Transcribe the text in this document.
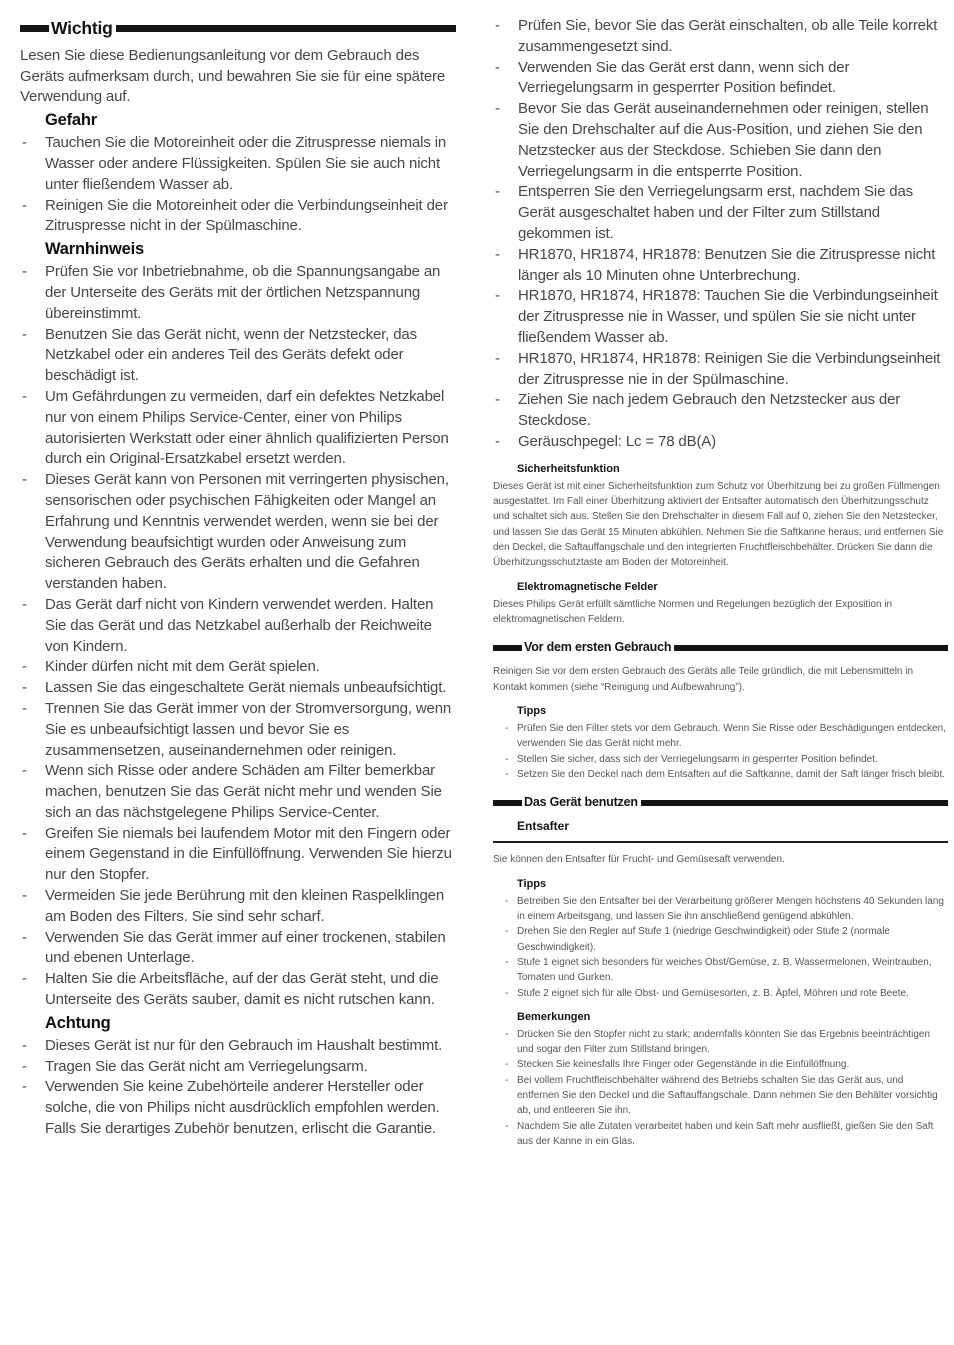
Wichtig

Lesen Sie diese Bedienungsanleitung vor dem Gebrauch des Geräts aufmerksam durch, und bewahren Sie sie für eine spätere Verwendung auf.

Gefahr
- Tauchen Sie die Motoreinheit oder die Zitruspresse niemals in Wasser oder andere Flüssigkeiten. Spülen Sie sie auch nicht unter fließendem Wasser ab.
- Reinigen Sie die Motoreinheit oder die Verbindungseinheit der Zitruspresse nicht in der Spülmaschine.
Warnhinweis
- Prüfen Sie vor Inbetriebnahme, ob die Spannungsangabe an der Unterseite des Geräts mit der örtlichen Netzspannung übereinstimmt.
- Benutzen Sie das Gerät nicht, wenn der Netzstecker, das Netzkabel oder ein anderes Teil des Geräts defekt oder beschädigt ist.
- Um Gefährdungen zu vermeiden, darf ein defektes Netzkabel nur von einem Philips Service-Center, einer von Philips autorisierten Werkstatt oder einer ähnlich qualifizierten Person durch ein Original-Ersatzkabel ersetzt werden.
- Dieses Gerät kann von Personen mit verringerten physischen, sensorischen oder psychischen Fähigkeiten oder Mangel an Erfahrung und Kenntnis verwendet werden, wenn sie bei der Verwendung beaufsichtigt wurden oder Anweisung zum sicheren Gebrauch des Geräts erhalten und die Gefahren verstanden haben.
- Das Gerät darf nicht von Kindern verwendet werden. Halten Sie das Gerät und das Netzkabel außerhalb der Reichweite von Kindern.
- Kinder dürfen nicht mit dem Gerät spielen.
- Lassen Sie das eingeschaltete Gerät niemals unbeaufsichtigt.
- Trennen Sie das Gerät immer von der Stromversorgung, wenn Sie es unbeaufsichtigt lassen und bevor Sie es zusammensetzen, auseinandernehmen oder reinigen.
- Wenn sich Risse oder andere Schäden am Filter bemerkbar machen, benutzen Sie das Gerät nicht mehr und wenden Sie sich an das nächstgelegene Philips Service-Center.
- Greifen Sie niemals bei laufendem Motor mit den Fingern oder einem Gegenstand in die Einfüllöffnung. Verwenden Sie hierzu nur den Stopfer.
- Vermeiden Sie jede Berührung mit den kleinen Raspelklingen am Boden des Filters. Sie sind sehr scharf.
- Verwenden Sie das Gerät immer auf einer trockenen, stabilen und ebenen Unterlage.
- Halten Sie die Arbeitsfläche, auf der das Gerät steht, und die Unterseite des Geräts sauber, damit es nicht rutschen kann.
Achtung
- Dieses Gerät ist nur für den Gebrauch im Haushalt bestimmt.
- Tragen Sie das Gerät nicht am Verriegelungsarm.
- Verwenden Sie keine Zubehörteile anderer Hersteller oder solche, die von Philips nicht ausdrücklich empfohlen werden. Falls Sie derartiges Zubehör benutzen, erlischt die Garantie.
- Prüfen Sie, bevor Sie das Gerät einschalten, ob alle Teile korrekt zusammengesetzt sind.
- Verwenden Sie das Gerät erst dann, wenn sich der Verriegelungsarm in gesperrter Position befindet.
- Bevor Sie das Gerät auseinandernehmen oder reinigen, stellen Sie den Drehschalter auf die Aus-Position, und ziehen Sie den Netzstecker aus der Steckdose. Schieben Sie dann den Verriegelungsarm in die entsperrte Position.
- Entsperren Sie den Verriegelungsarm erst, nachdem Sie das Gerät ausgeschaltet haben und der Filter zum Stillstand gekommen ist.
- HR1870, HR1874, HR1878: Benutzen Sie die Zitruspresse nicht länger als 10 Minuten ohne Unterbrechung.
- HR1870, HR1874, HR1878: Tauchen Sie die Verbindungseinheit der Zitruspresse nie in Wasser, und spülen Sie sie nicht unter fließendem Wasser ab.
- HR1870, HR1874, HR1878: Reinigen Sie die Verbindungseinheit der Zitruspresse nie in der Spülmaschine.
- Ziehen Sie nach jedem Gebrauch den Netzstecker aus der Steckdose.
- Geräuschpegel: Lc = 78 dB(A)
Sicherheitsfunktion

Dieses Gerät ist mit einer Sicherheitsfunktion zum Schutz vor Überhitzung bei zu großen Füllmengen ausgestattet. Im Fall einer Überhitzung aktiviert der Entsafter automatisch den Überhitzungsschutz und schaltet sich aus. Stellen Sie den Drehschalter in diesem Fall auf 0, ziehen Sie den Netzstecker, und lassen Sie das Gerät 15 Minuten abkühlen. Nehmen Sie die Saftkanne heraus, und entfernen Sie den Deckel, die Saftauffangschale und den integrierten Fruchtfleischbehälter. Drücken Sie dann die Überhitzungsschutztaste am Boden der Motoreinheit.

Elektromagnetische Felder

Dieses Philips Gerät erfüllt sämtliche Normen und Regelungen bezüglich der Exposition in elektromagnetischen Feldern.

Vor dem ersten Gebrauch

Reinigen Sie vor dem ersten Gebrauch des Geräts alle Teile gründlich, die mit Lebensmitteln in Kontakt kommen (siehe “Reinigung und Aufbewahrung”).

Tipps
- Prüfen Sie den Filter stets vor dem Gebrauch. Wenn Sie Risse oder Beschädigungen entdecken, verwenden Sie das Gerät nicht mehr.
- Stellen Sie sicher, dass sich der Verriegelungsarm in gesperrter Position befindet.
- Setzen Sie den Deckel nach dem Entsaften auf die Saftkanne, damit der Saft länger frisch bleibt.
Das Gerät benutzen
Entsafter

Sie können den Entsafter für Frucht- und Gemüsesaft verwenden.

Tipps
- Betreiben Sie den Entsafter bei der Verarbeitung größerer Mengen höchstens 40 Sekunden lang in einem Arbeitsgang, und lassen Sie ihn anschließend genügend abkühlen.
- Drehen Sie den Regler auf Stufe 1 (niedrige Geschwindigkeit) oder Stufe 2 (normale Geschwindigkeit).
- Stufe 1 eignet sich besonders für weiches Obst/Gemüse, z. B. Wassermelonen, Weintrauben, Tomaten und Gurken.
- Stufe 2 eignet sich für alle Obst- und Gemüsesorten, z. B. Äpfel, Möhren und rote Beete.
Bemerkungen
- Drücken Sie den Stopfer nicht zu stark; andernfalls könnten Sie das Ergebnis beeinträchtigen und sogar den Filter zum Stillstand bringen.
- Stecken Sie keinesfalls Ihre Finger oder Gegenstände in die Einfüllöffnung.
- Bei vollem Fruchtfleischbehälter während des Betriebs schalten Sie das Gerät aus, und entfernen Sie den Deckel und die Saftauffangschale. Dann nehmen Sie den Behälter vorsichtig ab, und entleeren Sie ihn.
- Nachdem Sie alle Zutaten verarbeitet haben und kein Saft mehr ausfließt, gießen Sie den Saft aus der Kanne in ein Glas.
